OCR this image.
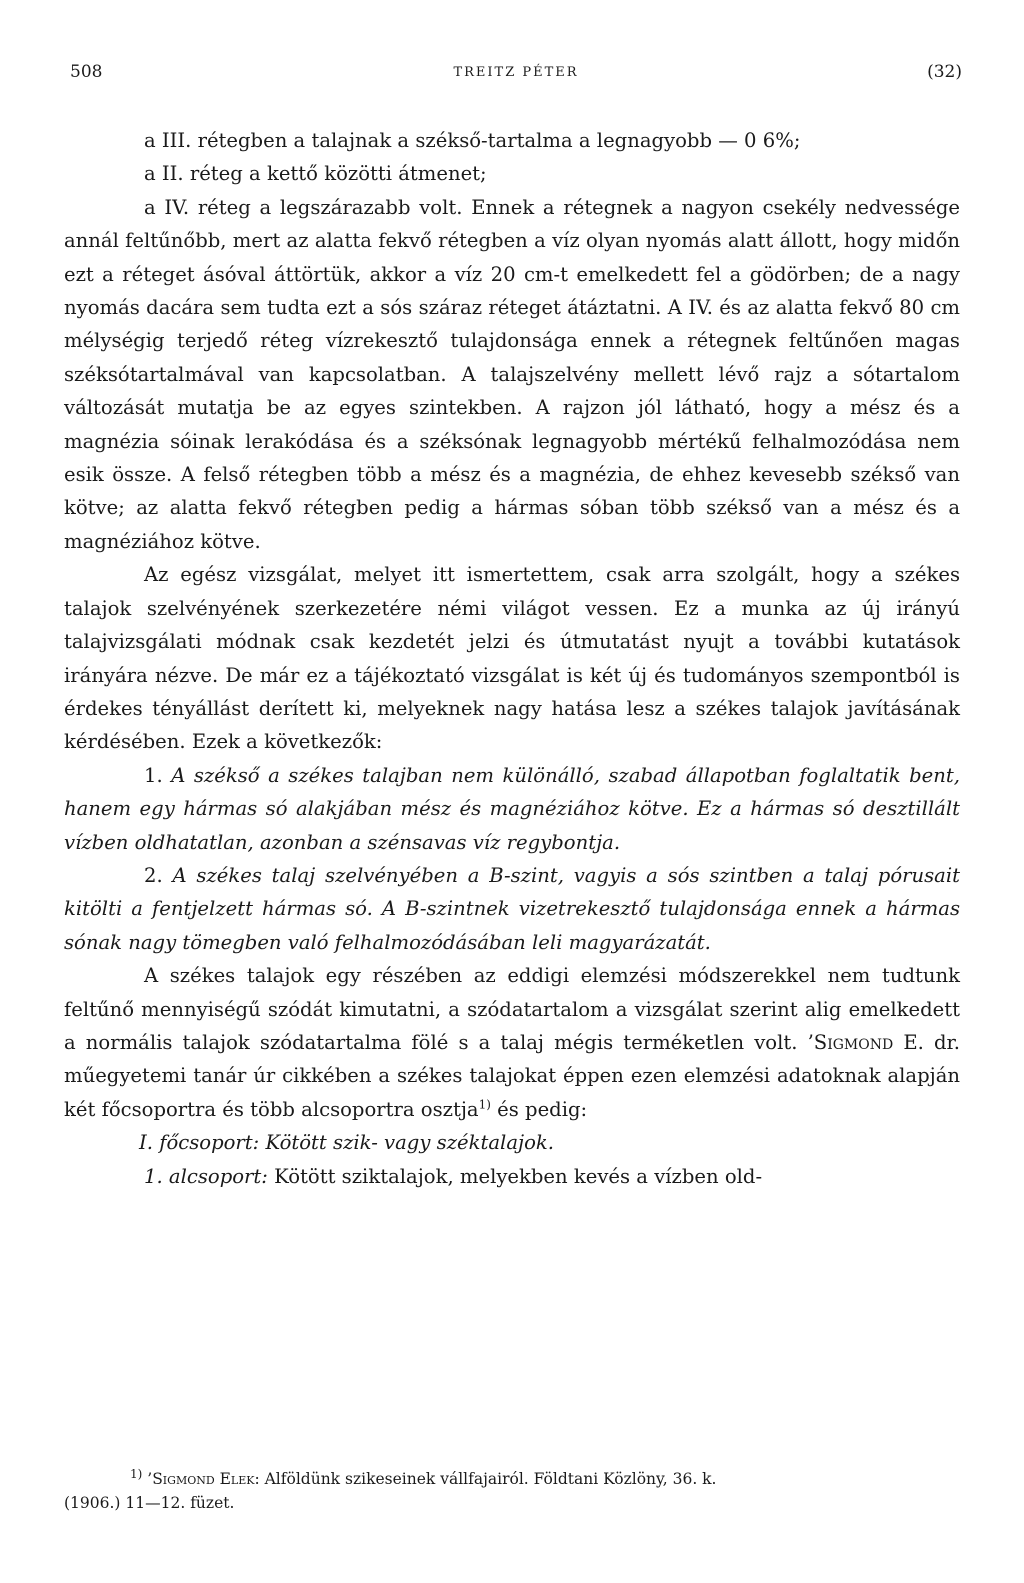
508	TREITZ PÉTER	(32)

a III. rétegben a talajnak a székső-tartalma a legnagyobb — 0 6%;

a II. réteg a kettő közötti átmenet;

a IV. réteg a legszárazabb volt. Ennek a rétegnek a nagyon csekély nedvessége annál feltűnőbb, mert az alatta fekvő rétegben a víz olyan nyomás alatt állott, hogy midőn ezt a réteget ásóval áttörtük, akkor a víz 20 cm-t emelkedett fel a gödörben; de a nagy nyomás dacára sem tudta ezt a sós száraz réteget átáztatni. A IV. és az alatta fekvő 80 cm mélységig terjedő réteg vízrekesztő tulajdonsága ennek a rétegnek feltűnően magas széksótartalmával van kapcsolatban. A talajszelvény mellett lévő rajz a sótartalom változását mutatja be az egyes szintekben. A rajzon jól látható, hogy a mész és a magnézia sóinak lerakódása és a széksónak legnagyobb mértékű felhalmozódása nem esik össze. A felső rétegben több a mész és a magnézia, de ehhez kevesebb székső van kötve; az alatta fekvő rétegben pedig a hármas sóban több székső van a mész és a magnéziához kötve.

Az egész vizsgálat, melyet itt ismertettem, csak arra szolgált, hogy a székes talajok szelvényének szerkezetére némi világot vessen. Ez a munka az új irányú talajvizsgálati módnak csak kezdetét jelzi és útmutatást nyujt a további kutatások irányára nézve. De már ez a tájékoztató vizsgálat is két új és tudományos szempontból is érdekes tényállást derített ki, melyeknek nagy hatása lesz a székes talajok javításának kérdésében. Ezek a következők:

1. A székső a székes talajban nem különálló, szabad állapotban foglaltatik bent, hanem egy hármas só alakjában mész és magnéziához kötve. Ez a hármas só desztillált vízben oldhatatlan, azonban a szénsavas víz regybontja.

2. A székes talaj szelvényében a B-szint, vagyis a sós szintben a talaj pórusait kitölti a fentjelzett hármas só. A B-szintnek vizetrekesztő tulajdonsága ennek a hármas sónak nagy tömegben való felhalmozódásában leli magyarázatát.

A székes talajok egy részében az eddigi elemzési módszerekkel nem tudtunk feltűnő mennyiségű szódát kimutatni, a szódatartalom a vizsgálat szerint alig emelkedett a normális talajok szódatartalma fölé s a talaj mégis terméketlen volt. ’Sigmond E. dr. műegyetemi tanár úr cikkében a székes talajokat éppen ezen elemzési adatoknak alapján két főcsoportra és több alcsoportra osztja$^{1)}$ és pedig:

I. főcsoport: Kötött szik- vagy széktalajok.

1. alcsoport: Kötött sziktalajok, melyekben kevés a vízben old-

$^{1)}$ ’Sigmond Elek: Alföldünk szikeseinek vállfajairól. Földtani Közlöny, 36. k.

(1906.) 11—12. füzet.
